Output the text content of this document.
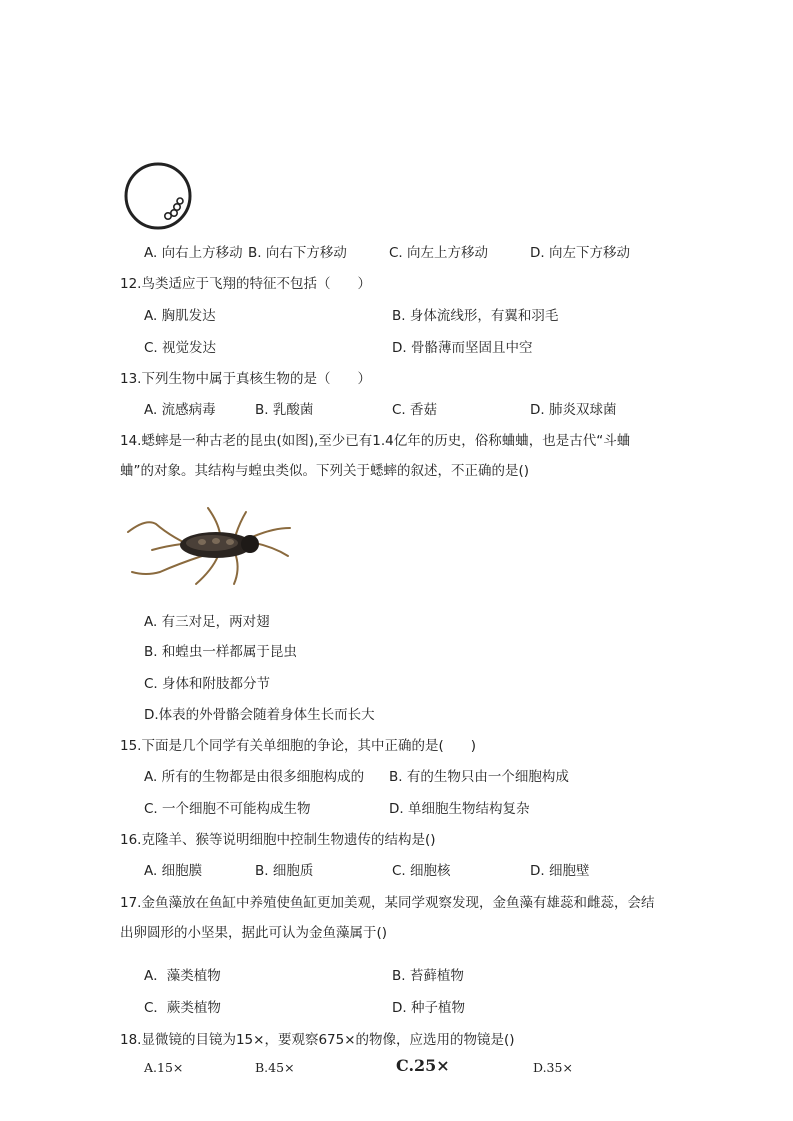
A. 向右上方移动 B. 向右下方移动	C. 向左上方移动	D. 向左下方移动
12.鸟类适应于飞翔的特征不包括（　　）
A. 胸肌发达	B. 身体流线形，有翼和羽毛
C. 视觉发达	D. 骨骼薄而坚固且中空
13.下列生物中属于真核生物的是（　　）
A. 流感病毒	B. 乳酸菌	C. 香菇	D. 肺炎双球菌
14.蟋蟀是一种古老的昆虫(如图),至少已有1.4亿年的历史，俗称蛐蛐，也是古代“斗蛐
蛐”的对象。其结构与蝗虫类似。下列关于蟋蟀的叙述，不正确的是()
A. 有三对足，两对翅
B. 和蝗虫一样都属于昆虫
C. 身体和附肢都分节
D.体表的外骨骼会随着身体生长而长大
15.下面是几个同学有关单细胞的争论，其中正确的是(　　)
A. 所有的生物都是由很多细胞构成的 B. 有的生物只由一个细胞构成
C. 一个细胞不可能构成生物	D. 单细胞生物结构复杂
16.克隆羊、猴等说明细胞中控制生物遗传的结构是()
A. 细胞膜	B. 细胞质	C. 细胞核	D. 细胞壁
17.金鱼藻放在鱼缸中养殖使鱼缸更加美观，某同学观察发现，金鱼藻有雄蕊和雌蕊，会结
出卵圆形的小坚果，据此可认为金鱼藻属于()
A．藻类植物	B. 苔藓植物
C．蕨类植物	D. 种子植物
18.显微镜的目镜为15×，要观察675×的物像，应选用的物镜是()
A.15×	B.45×	C.25×	D.35×
